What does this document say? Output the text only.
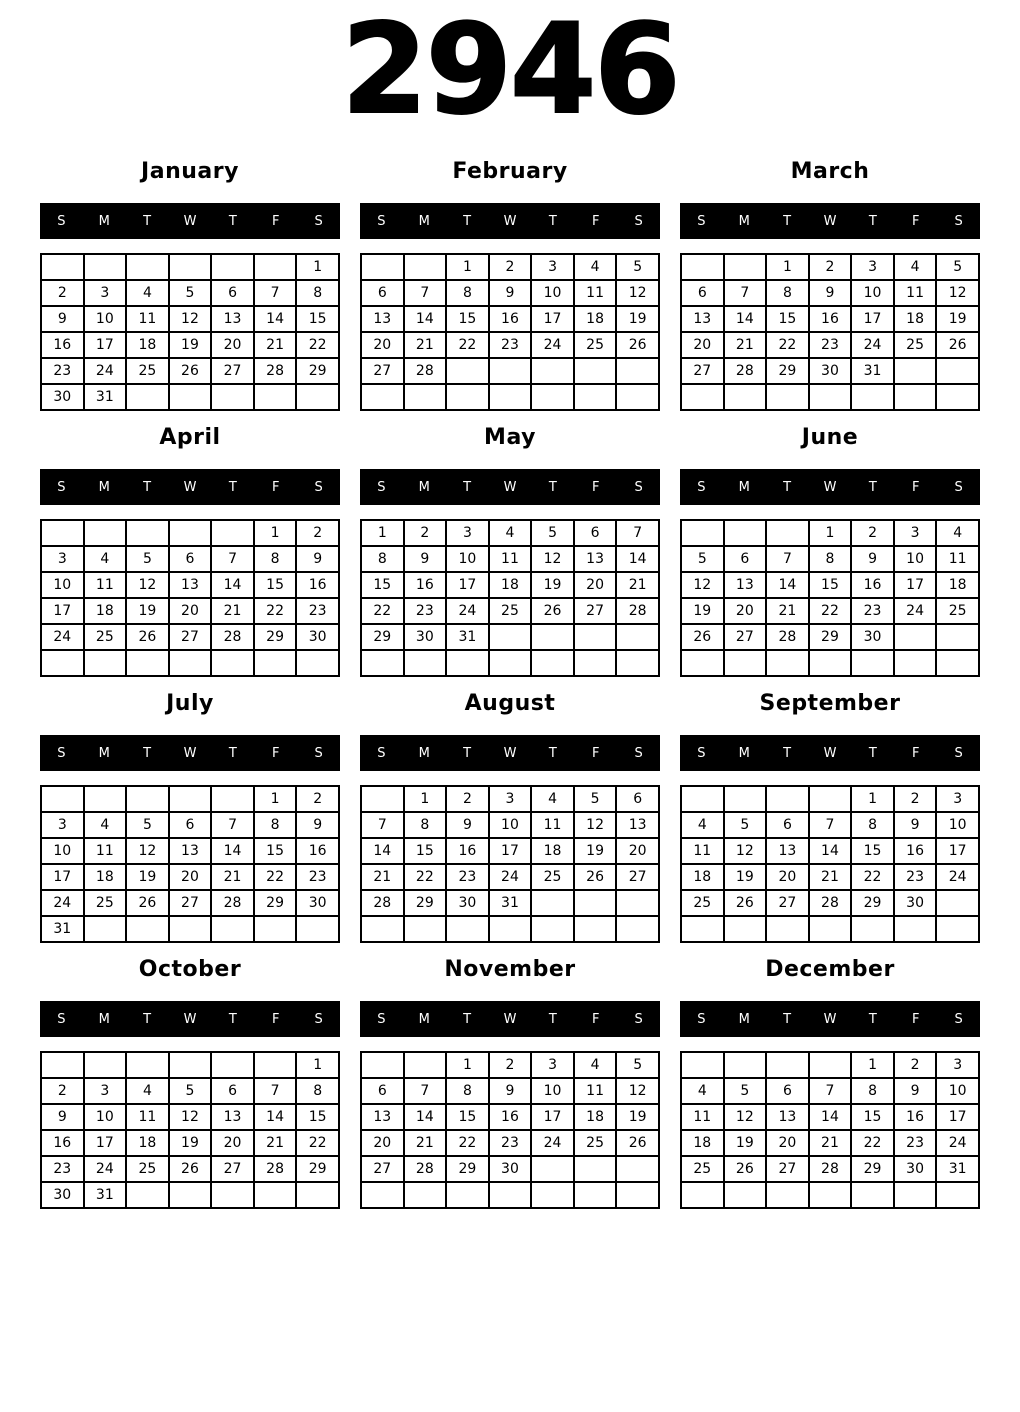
2946
January
S	M	T	W	T	F	S
						1
2	3	4	5	6	7	8
9	10	11	12	13	14	15
16	17	18	19	20	21	22
23	24	25	26	27	28	29
30	31					
February
S	M	T	W	T	F	S
		1	2	3	4	5
6	7	8	9	10	11	12
13	14	15	16	17	18	19
20	21	22	23	24	25	26
27	28					

March
S	M	T	W	T	F	S
		1	2	3	4	5
6	7	8	9	10	11	12
13	14	15	16	17	18	19
20	21	22	23	24	25	26
27	28	29	30	31		

April
S	M	T	W	T	F	S
					1	2
3	4	5	6	7	8	9
10	11	12	13	14	15	16
17	18	19	20	21	22	23
24	25	26	27	28	29	30

May
S	M	T	W	T	F	S
1	2	3	4	5	6	7
8	9	10	11	12	13	14
15	16	17	18	19	20	21
22	23	24	25	26	27	28
29	30	31				

June
S	M	T	W	T	F	S
			1	2	3	4
5	6	7	8	9	10	11
12	13	14	15	16	17	18
19	20	21	22	23	24	25
26	27	28	29	30		

July
S	M	T	W	T	F	S
					1	2
3	4	5	6	7	8	9
10	11	12	13	14	15	16
17	18	19	20	21	22	23
24	25	26	27	28	29	30
31						
August
S	M	T	W	T	F	S
	1	2	3	4	5	6
7	8	9	10	11	12	13
14	15	16	17	18	19	20
21	22	23	24	25	26	27
28	29	30	31			

September
S	M	T	W	T	F	S
				1	2	3
4	5	6	7	8	9	10
11	12	13	14	15	16	17
18	19	20	21	22	23	24
25	26	27	28	29	30	

October
S	M	T	W	T	F	S
						1
2	3	4	5	6	7	8
9	10	11	12	13	14	15
16	17	18	19	20	21	22
23	24	25	26	27	28	29
30	31					
November
S	M	T	W	T	F	S
		1	2	3	4	5
6	7	8	9	10	11	12
13	14	15	16	17	18	19
20	21	22	23	24	25	26
27	28	29	30			

December
S	M	T	W	T	F	S
				1	2	3
4	5	6	7	8	9	10
11	12	13	14	15	16	17
18	19	20	21	22	23	24
25	26	27	28	29	30	31
